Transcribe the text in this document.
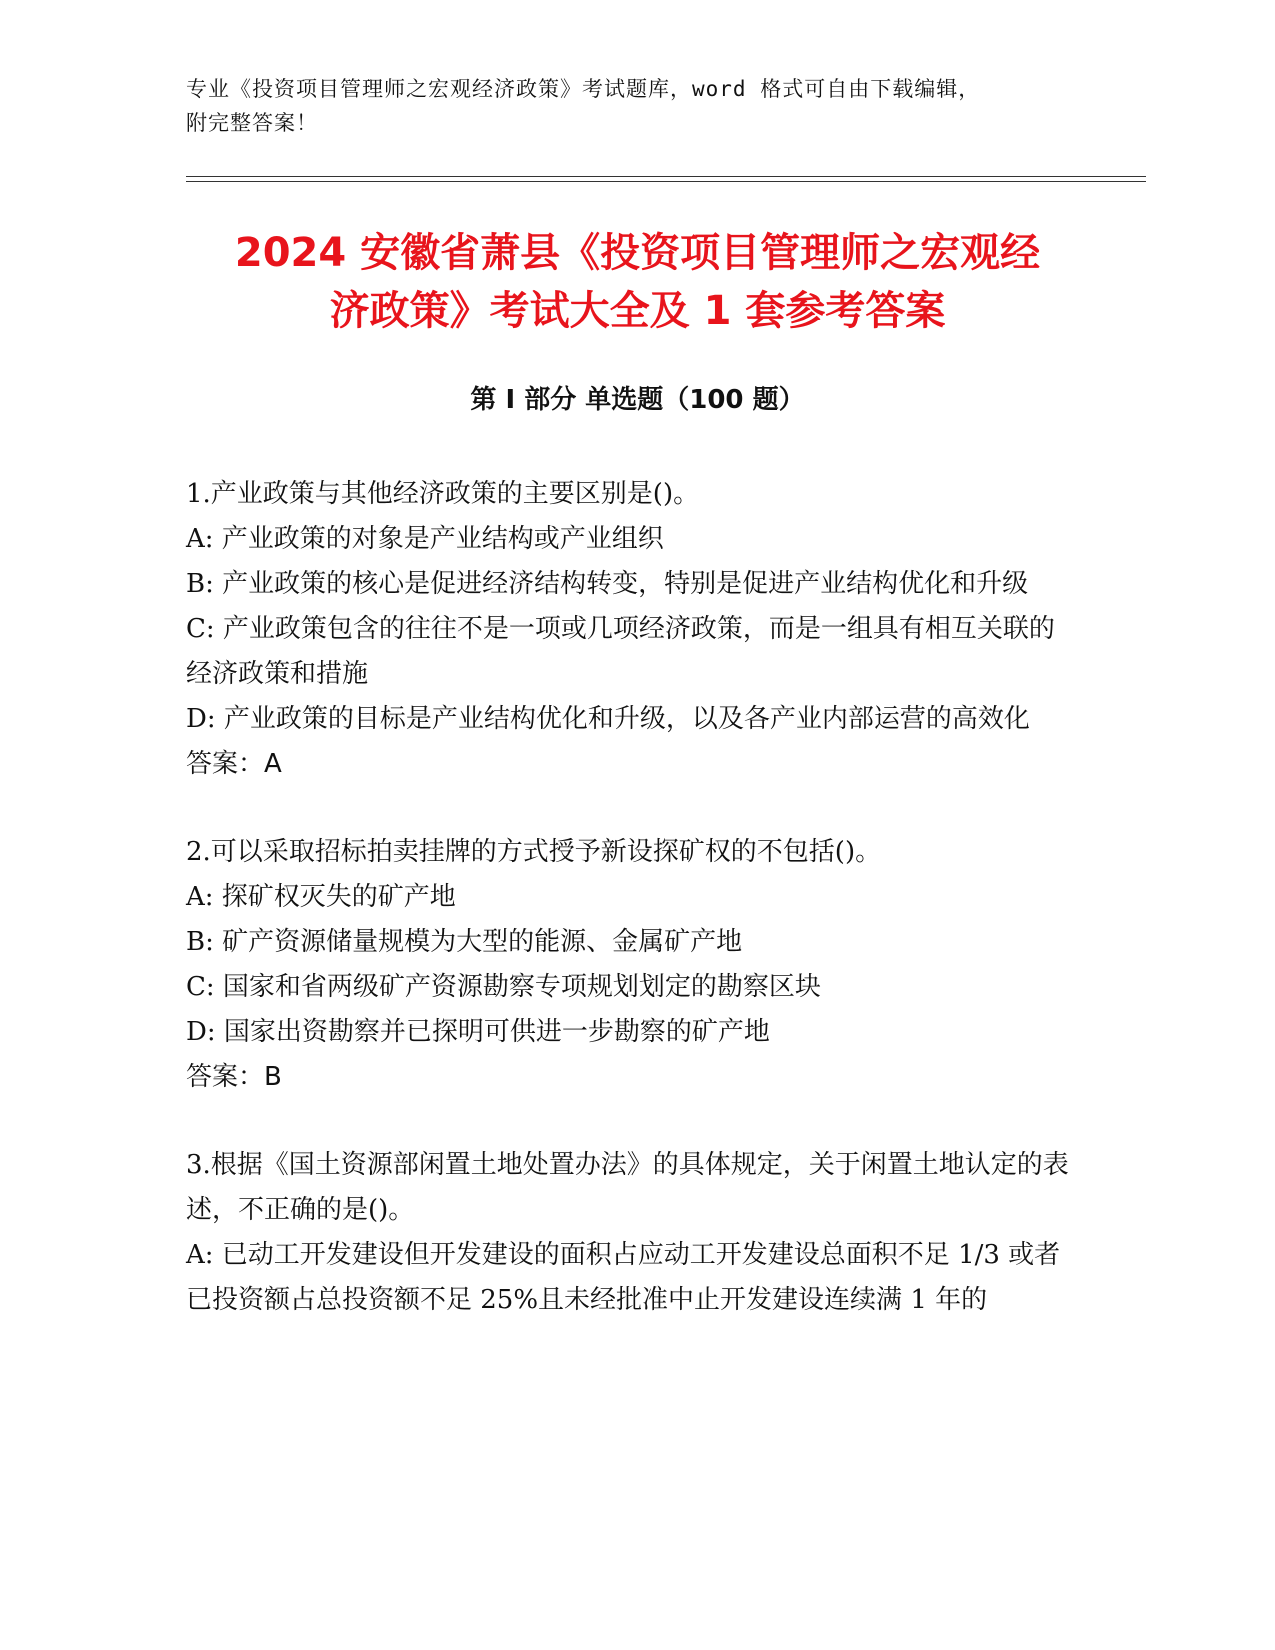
专业《投资项目管理师之宏观经济政策》考试题库，word 格式可自由下载编辑，
附完整答案！
2024 安徽省萧县《投资项目管理师之宏观经
济政策》考试大全及 1 套参考答案
第 I 部分 单选题（100 题）

1.产业政策与其他经济政策的主要区别是()。

A: 产业政策的对象是产业结构或产业组织

B: 产业政策的核心是促进经济结构转变，特别是促进产业结构优化和升级

C: 产业政策包含的往往不是一项或几项经济政策，而是一组具有相互关联的经济政策和措施

D: 产业政策的目标是产业结构优化和升级，以及各产业内部运营的高效化

答案：A

2.可以采取招标拍卖挂牌的方式授予新设探矿权的不包括()。

A: 探矿权灭失的矿产地

B: 矿产资源储量规模为大型的能源、金属矿产地

C: 国家和省两级矿产资源勘察专项规划划定的勘察区块

D: 国家出资勘察并已探明可供进一步勘察的矿产地

答案：B

3.根据《国土资源部闲置土地处置办法》的具体规定，关于闲置土地认定的表述，不正确的是()。

A: 已动工开发建设但开发建设的面积占应动工开发建设总面积不足 1/3 或者已投资额占总投资额不足 25%且未经批准中止开发建设连续满 1 年的
